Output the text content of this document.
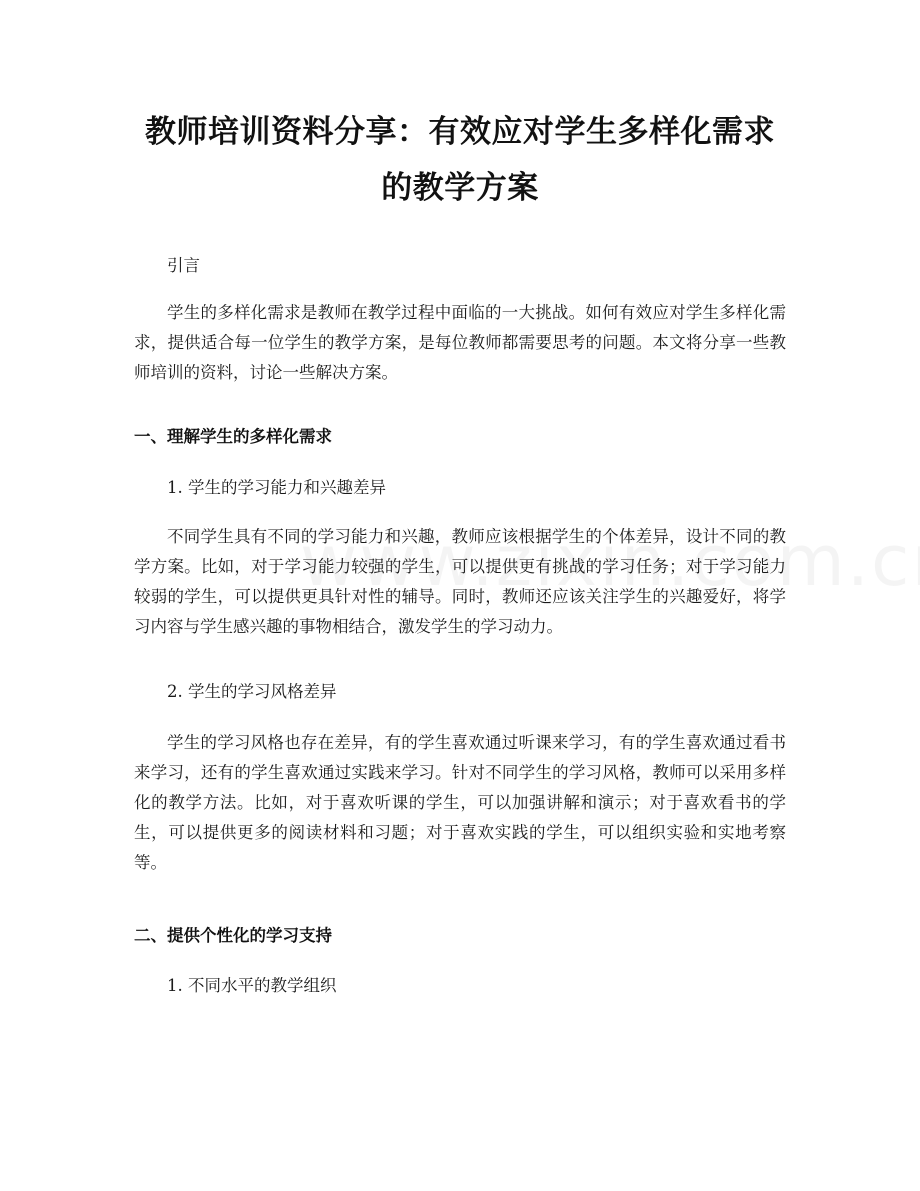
教师培训资料分享：有效应对学生多样化需求的教学方案
引言
学生的多样化需求是教师在教学过程中面临的一大挑战。如何有效应对学生多样化需求，提供适合每一位学生的教学方案，是每位教师都需要思考的问题。本文将分享一些教师培训的资料，讨论一些解决方案。
一、理解学生的多样化需求
1. 学生的学习能力和兴趣差异
不同学生具有不同的学习能力和兴趣，教师应该根据学生的个体差异，设计不同的教学方案。比如，对于学习能力较强的学生，可以提供更有挑战的学习任务；对于学习能力较弱的学生，可以提供更具针对性的辅导。同时，教师还应该关注学生的兴趣爱好，将学习内容与学生感兴趣的事物相结合，激发学生的学习动力。
2. 学生的学习风格差异
学生的学习风格也存在差异，有的学生喜欢通过听课来学习，有的学生喜欢通过看书来学习，还有的学生喜欢通过实践来学习。针对不同学生的学习风格，教师可以采用多样化的教学方法。比如，对于喜欢听课的学生，可以加强讲解和演示；对于喜欢看书的学生，可以提供更多的阅读材料和习题；对于喜欢实践的学生，可以组织实验和实地考察等。
二、提供个性化的学习支持
1. 不同水平的教学组织
